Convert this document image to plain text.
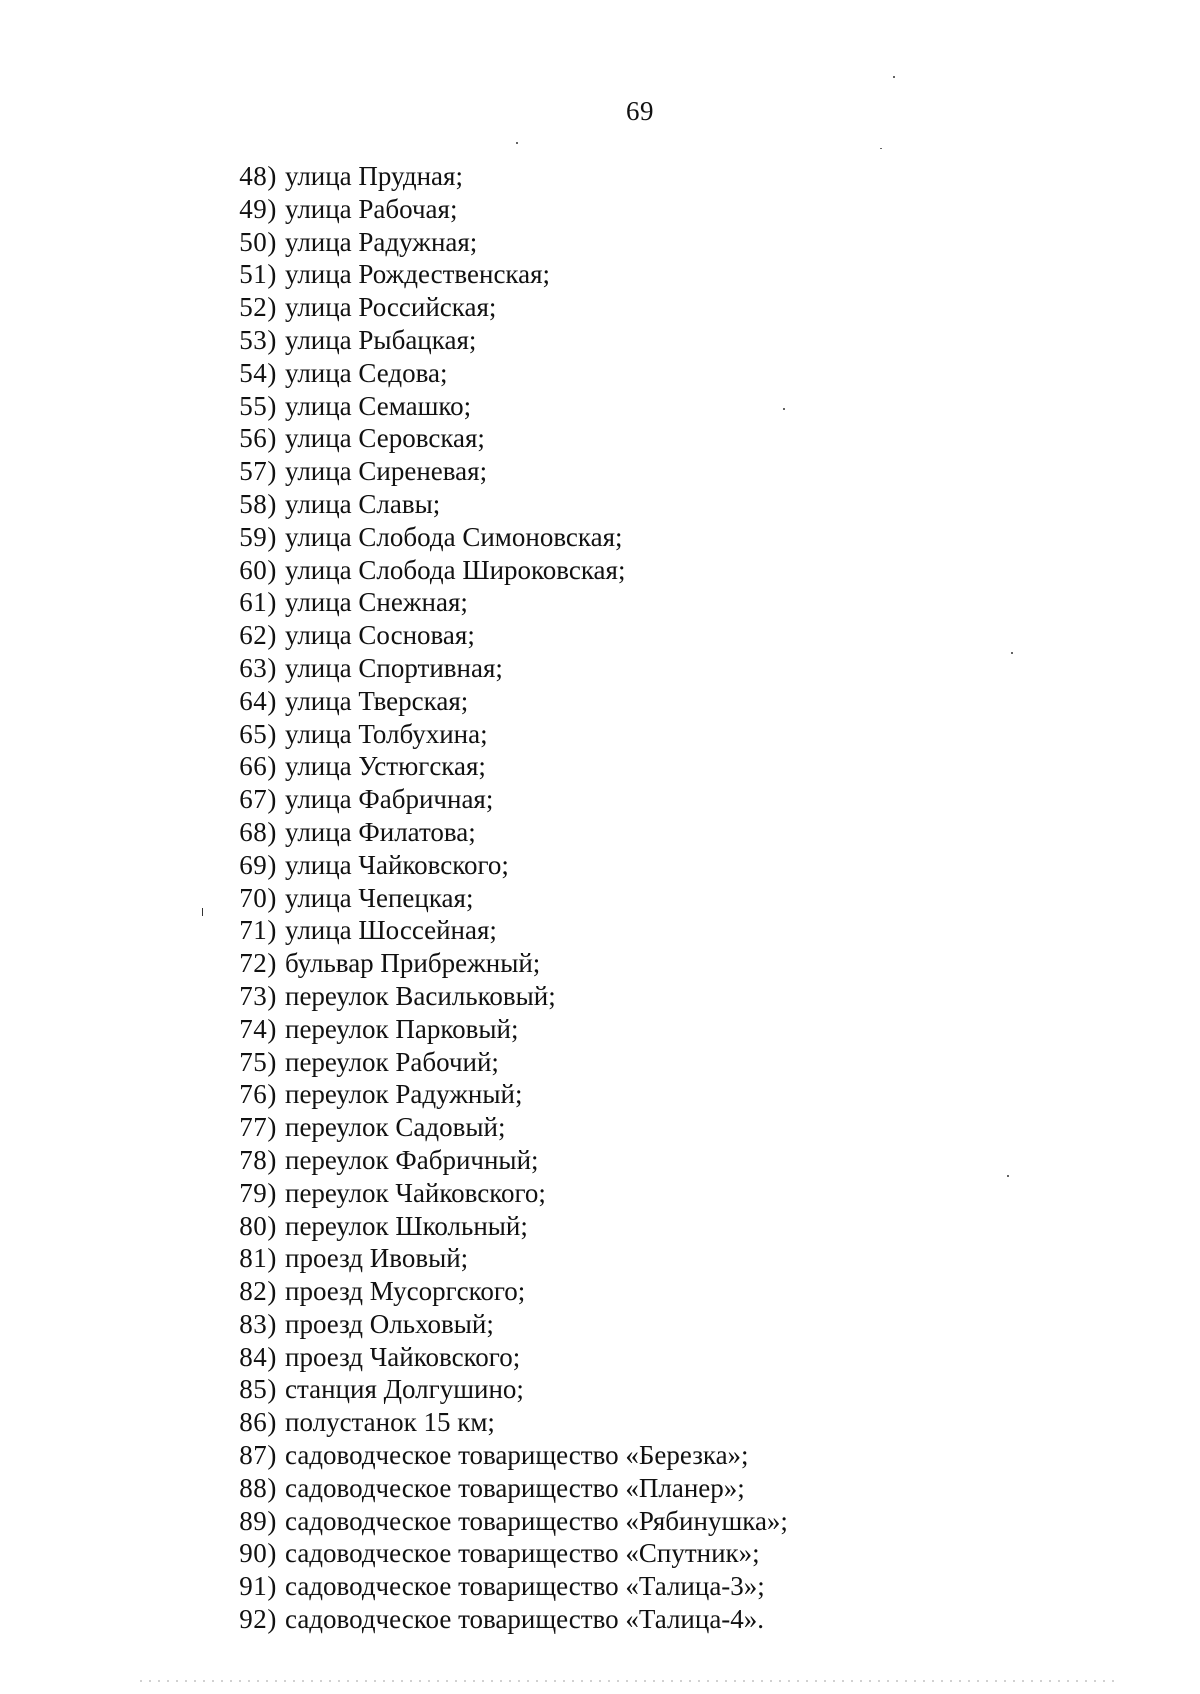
69
48) улица Прудная;
49) улица Рабочая;
50) улица Радужная;
51) улица Рождественская;
52) улица Российская;
53) улица Рыбацкая;
54) улица Седова;
55) улица Семашко;
56) улица Серовская;
57) улица Сиреневая;
58) улица Славы;
59) улица Слобода Симоновская;
60) улица Слобода Широковская;
61) улица Снежная;
62) улица Сосновая;
63) улица Спортивная;
64) улица Тверская;
65) улица Толбухина;
66) улица Устюгская;
67) улица Фабричная;
68) улица Филатова;
69) улица Чайковского;
70) улица Чепецкая;
71) улица Шоссейная;
72) бульвар Прибрежный;
73) переулок Васильковый;
74) переулок Парковый;
75) переулок Рабочий;
76) переулок Радужный;
77) переулок Садовый;
78) переулок Фабричный;
79) переулок Чайковского;
80) переулок Школьный;
81) проезд Ивовый;
82) проезд Мусоргского;
83) проезд Ольховый;
84) проезд Чайковского;
85) станция Долгушино;
86) полустанок 15 км;
87) садоводческое товарищество «Березка»;
88) садоводческое товарищество «Планер»;
89) садоводческое товарищество «Рябинушка»;
90) садоводческое товарищество «Спутник»;
91) садоводческое товарищество «Талица-3»;
92) садоводческое товарищество «Талица-4».
